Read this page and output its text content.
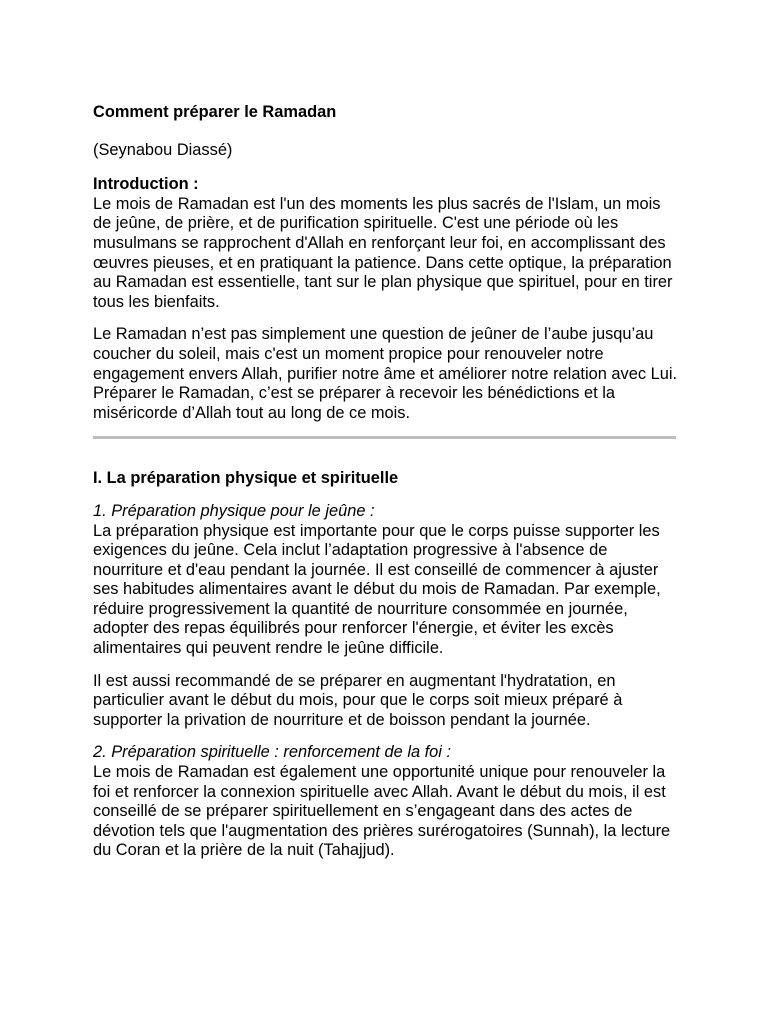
Comment préparer le Ramadan

(Seynabou Diassé)

Introduction :

Le mois de Ramadan est l'un des moments les plus sacrés de l'Islam, un mois de jeûne, de prière, et de purification spirituelle. C'est une période où les musulmans se rapprochent d'Allah en renforçant leur foi, en accomplissant des œuvres pieuses, et en pratiquant la patience. Dans cette optique, la préparation au Ramadan est essentielle, tant sur le plan physique que spirituel, pour en tirer tous les bienfaits.

Le Ramadan n’est pas simplement une question de jeûner de l’aube jusqu’au coucher du soleil, mais c'est un moment propice pour renouveler notre engagement envers Allah, purifier notre âme et améliorer notre relation avec Lui. Préparer le Ramadan, c’est se préparer à recevoir les bénédictions et la miséricorde d’Allah tout au long de ce mois.

I. La préparation physique et spirituelle

1. Préparation physique pour le jeûne :

La préparation physique est importante pour que le corps puisse supporter les exigences du jeûne. Cela inclut l’adaptation progressive à l'absence de nourriture et d'eau pendant la journée. Il est conseillé de commencer à ajuster ses habitudes alimentaires avant le début du mois de Ramadan. Par exemple, réduire progressivement la quantité de nourriture consommée en journée, adopter des repas équilibrés pour renforcer l'énergie, et éviter les excès alimentaires qui peuvent rendre le jeûne difficile.

Il est aussi recommandé de se préparer en augmentant l'hydratation, en particulier avant le début du mois, pour que le corps soit mieux préparé à supporter la privation de nourriture et de boisson pendant la journée.

2. Préparation spirituelle : renforcement de la foi :

Le mois de Ramadan est également une opportunité unique pour renouveler la foi et renforcer la connexion spirituelle avec Allah. Avant le début du mois, il est conseillé de se préparer spirituellement en s’engageant dans des actes de dévotion tels que l'augmentation des prières surérogatoires (Sunnah), la lecture du Coran et la prière de la nuit (Tahajjud).
